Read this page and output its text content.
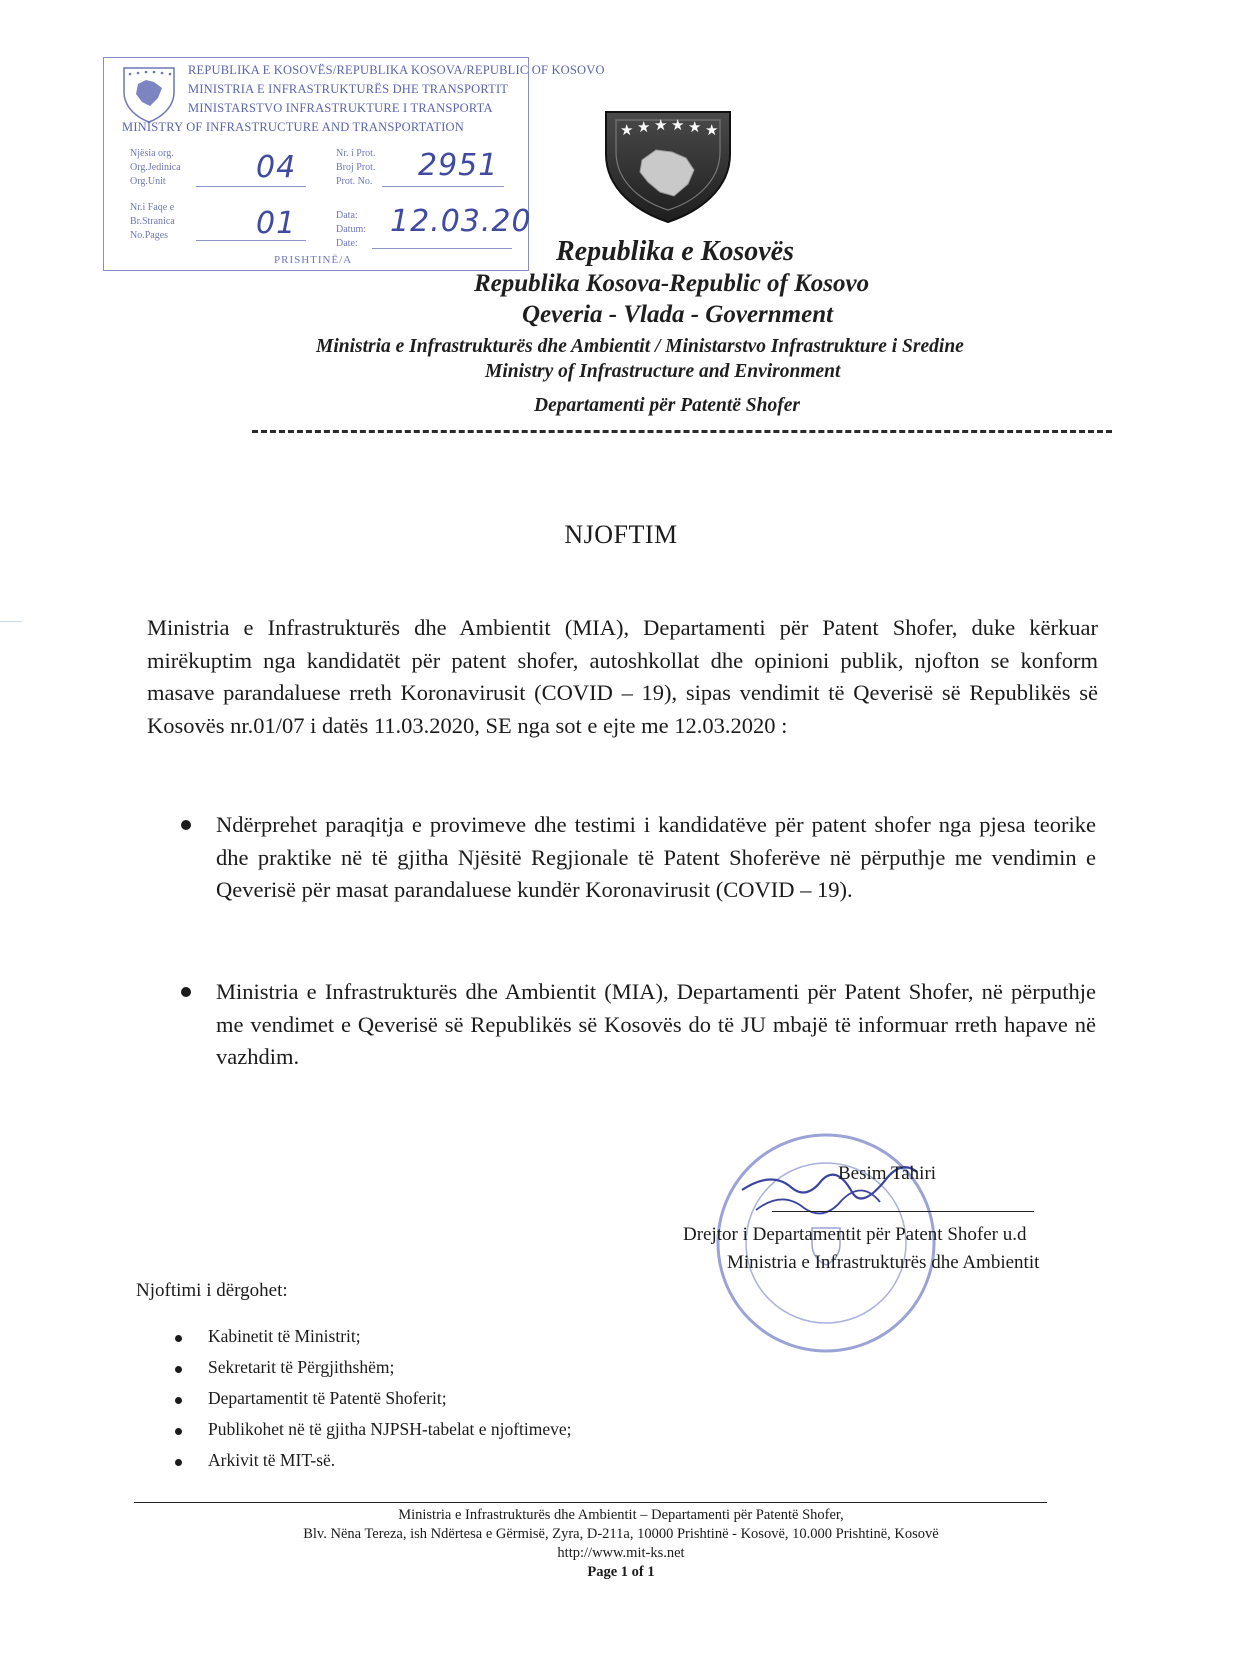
REPUBLIKA E KOSOVËS/REPUBLIKA KOSOVA/REPUBLIC OF KOSOVO
MINISTRIA E INFRASTRUKTURËS DHE TRANSPORTIT
MINISTARSTVO INFRASTRUKTURE I TRANSPORTA
MINISTRY OF INFRASTRUCTURE AND TRANSPORTATION
Njësia org.
Org.Jedinica
Org.Unit
Nr. i Prot.
Broj Prot.
Prot. No.
Nr.i Faqe e
Br.Stranica
No.Pages
Data:
Datum:
Date:
04	2951
01	12.03.20
PRISHTINË/A
★ ★ ★ ★ ★ ★
Republika e Kosovës
Republika Kosova-Republic of Kosovo
Qeveria - Vlada - Government
Ministria e Infrastrukturës dhe Ambientit / Ministarstvo Infrastrukture i Sredine
Ministry of Infrastructure and Environment
Departamenti për Patentë Shofer
NJOFTIM
Ministria e Infrastrukturës dhe Ambientit (MIA), Departamenti për Patent Shofer, duke kërkuar mirëkuptim nga kandidatët për patent shofer, autoshkollat dhe opinioni publik, njofton se konform masave parandaluese rreth Koronavirusit (COVID – 19), sipas vendimit të Qeverisë së Republikës së Kosovës nr.01/07 i datës 11.03.2020, SE nga sot e ejte me 12.03.2020 :
Ndërprehet paraqitja e provimeve dhe testimi i kandidatëve për patent shofer nga pjesa teorike dhe praktike në të gjitha Njësitë Regjionale të Patent Shoferëve në përputhje me vendimin e Qeverisë për masat parandaluese kundër Koronavirusit (COVID – 19).
Ministria e Infrastrukturës dhe Ambientit (MIA), Departamenti për Patent Shofer, në përputhje me vendimet e Qeverisë së Republikës së Kosovës do të JU mbajë të informuar rreth hapave në vazhdim.
Besim Tahiri
Drejtor i Departamentit për Patent Shofer u.d
Ministria e Infrastrukturës dhe Ambientit
Njoftimi i dërgohet:
Kabinetit të Ministrit;
Sekretarit të Përgjithshëm;
Departamentit të Patentë Shoferit;
Publikohet në të gjitha NJPSH-tabelat e njoftimeve;
Arkivit të MIT-së.
Ministria e Infrastrukturës dhe Ambientit – Departamenti për Patentë Shofer,
Blv. Nëna Tereza, ish Ndërtesa e Gërmisë, Zyra, D-211a, 10000 Prishtinë - Kosovë, 10.000 Prishtinë, Kosovë
http://www.mit-ks.net
Page 1 of 1
